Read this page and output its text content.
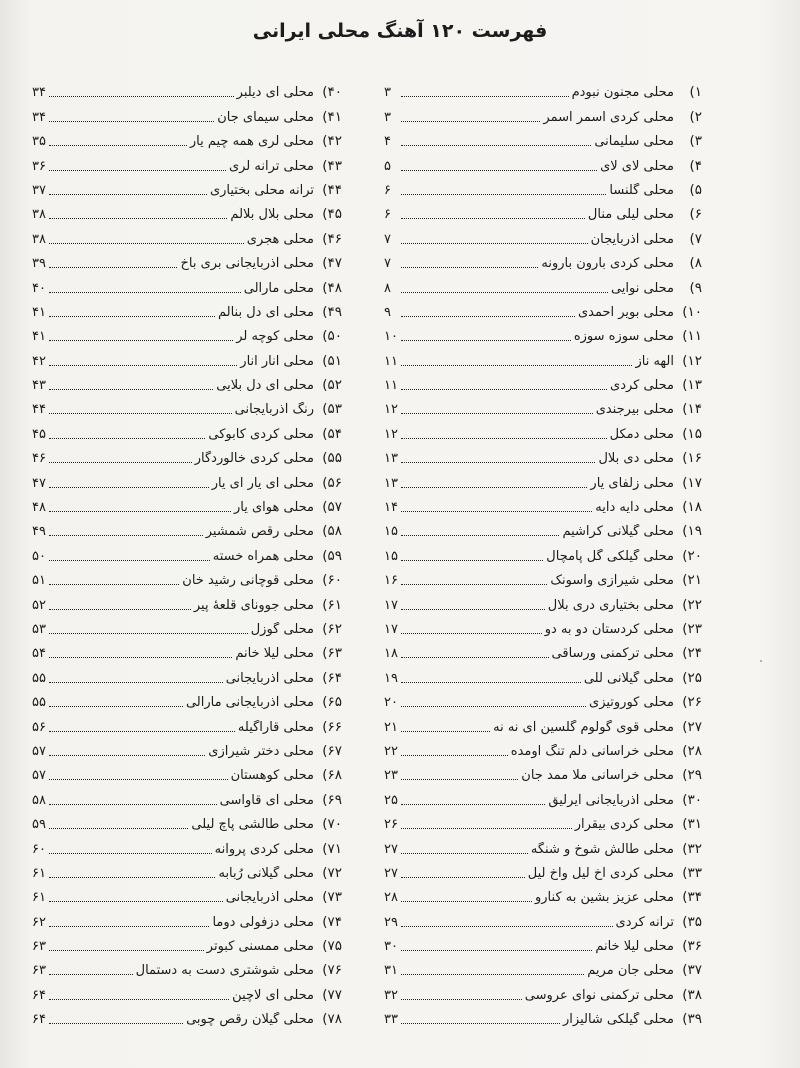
فهرست ۱۲۰ آهنگ محلی ایرانی
۱)
محلی مجنون نبودم
۳
۲)
محلی کردی اسمر اسمر
۳
۳)
محلی سلیمانی
۴
۴)
محلی لای لای
۵
۵)
محلی گلنسا
۶
۶)
محلی لیلی منال
۶
۷)
محلی آذربایجان
۷
۸)
محلی کردی بارون بارونه
۷
۹)
محلی نوایی
۸
۱۰)
محلی بویر احمدی
۹
۱۱)
محلی سوزه سوزه
۱۰
۱۲)
الهه ناز
۱۱
۱۳)
محلی کردی
۱۱
۱۴)
محلی بیرجندی
۱۲
۱۵)
محلی دمکل
۱۲
۱۶)
محلی دی بلال
۱۳
۱۷)
محلی زلفای یار
۱۳
۱۸)
محلی دایه دایه
۱۴
۱۹)
محلی گیلانی کراشیم
۱۵
۲۰)
محلی گیلکی گل پامچال
۱۵
۲۱)
محلی شیرازی واسونک
۱۶
۲۲)
محلی بختیاری دری بلال
۱۷
۲۳)
محلی کردستان دو به دو
۱۷
۲۴)
محلی ترکمنی ورساقی
۱۸
۲۵)
محلی گیلانی للی
۱۹
۲۶)
محلی کوروتیزی
۲۰
۲۷)
محلی قوی گولوم گلسین آی نه نه
۲۱
۲۸)
محلی خراسانی دلم تنگ اومده
۲۲
۲۹)
محلی خراسانی ملا ممد جان
۲۳
۳۰)
محلی آذربایجانی آیرلیق
۲۵
۳۱)
محلی کردی بیقرار
۲۶
۳۲)
محلی طالش شوخ و شنگه
۲۷
۳۳)
محلی کردی آخ لیل واخ لیل
۲۷
۳۴)
محلی عزیز بشین به کنارو
۲۸
۳۵)
ترانه کردی
۲۹
۳۶)
محلی لیلا خانم
۳۰
۳۷)
محلی جان مریم
۳۱
۳۸)
محلی ترکمنی نوای عروسی
۳۲
۳۹)
محلی گیلکی شالیزار
۳۳
۴۰)
محلی آی دیلبر
۳۴
۴۱)
محلی سیمای جان
۳۴
۴۲)
محلی لُری همه چیم یار
۳۵
۴۳)
محلی ترانه لُری
۳۶
۴۴)
ترانه محلی بختیاری
۳۷
۴۵)
محلی بلال بلالُم
۳۸
۴۶)
محلی هجری
۳۸
۴۷)
محلی آذربایجانی بری باخ
۳۹
۴۸)
محلی مارالی
۴۰
۴۹)
محلی ای دل بنالم
۴۱
۵۰)
محلی کوچه لر
۴۱
۵۱)
محلی انار انار
۴۲
۵۲)
محلی ای دل بلایی
۴۳
۵۳)
رنگ آذربایجانی
۴۴
۵۴)
محلی کردی کابوکی
۴۵
۵۵)
محلی کردی خالوردگار
۴۶
۵۶)
محلی ای یار ای یار
۴۷
۵۷)
محلی هوای یار
۴۸
۵۸)
محلی رقص شمشیر
۴۹
۵۹)
محلی همراه خسته
۵۰
۶۰)
محلی قوچانی رشید خان
۵۱
۶۱)
محلی جوونای قلعهٔ پیر
۵۲
۶۲)
محلی گوزل
۵۳
۶۳)
محلی لیلا خانم
۵۴
۶۴)
محلی آذربایجانی
۵۵
۶۵)
محلی آذربایجانی مارالی
۵۵
۶۶)
محلی قاراگیله
۵۶
۶۷)
محلی دختر شیرازی
۵۷
۶۸)
محلی کوهستان
۵۷
۶۹)
محلی آی قاواسی
۵۸
۷۰)
محلی طالشی پاچ لیلی
۵۹
۷۱)
محلی کردی پروانه
۶۰
۷۲)
محلی گیلانی رُبابه
۶۱
۷۳)
محلی آذربایجانی
۶۱
۷۴)
محلی دزفولی دوما
۶۲
۷۵)
محلی ممسنی کبوتر
۶۳
۷۶)
محلی شوشتری دست به دستمال
۶۳
۷۷)
محلی آی لاچین
۶۴
۷۸)
محلی گیلان رقص چوبی
۶۴
